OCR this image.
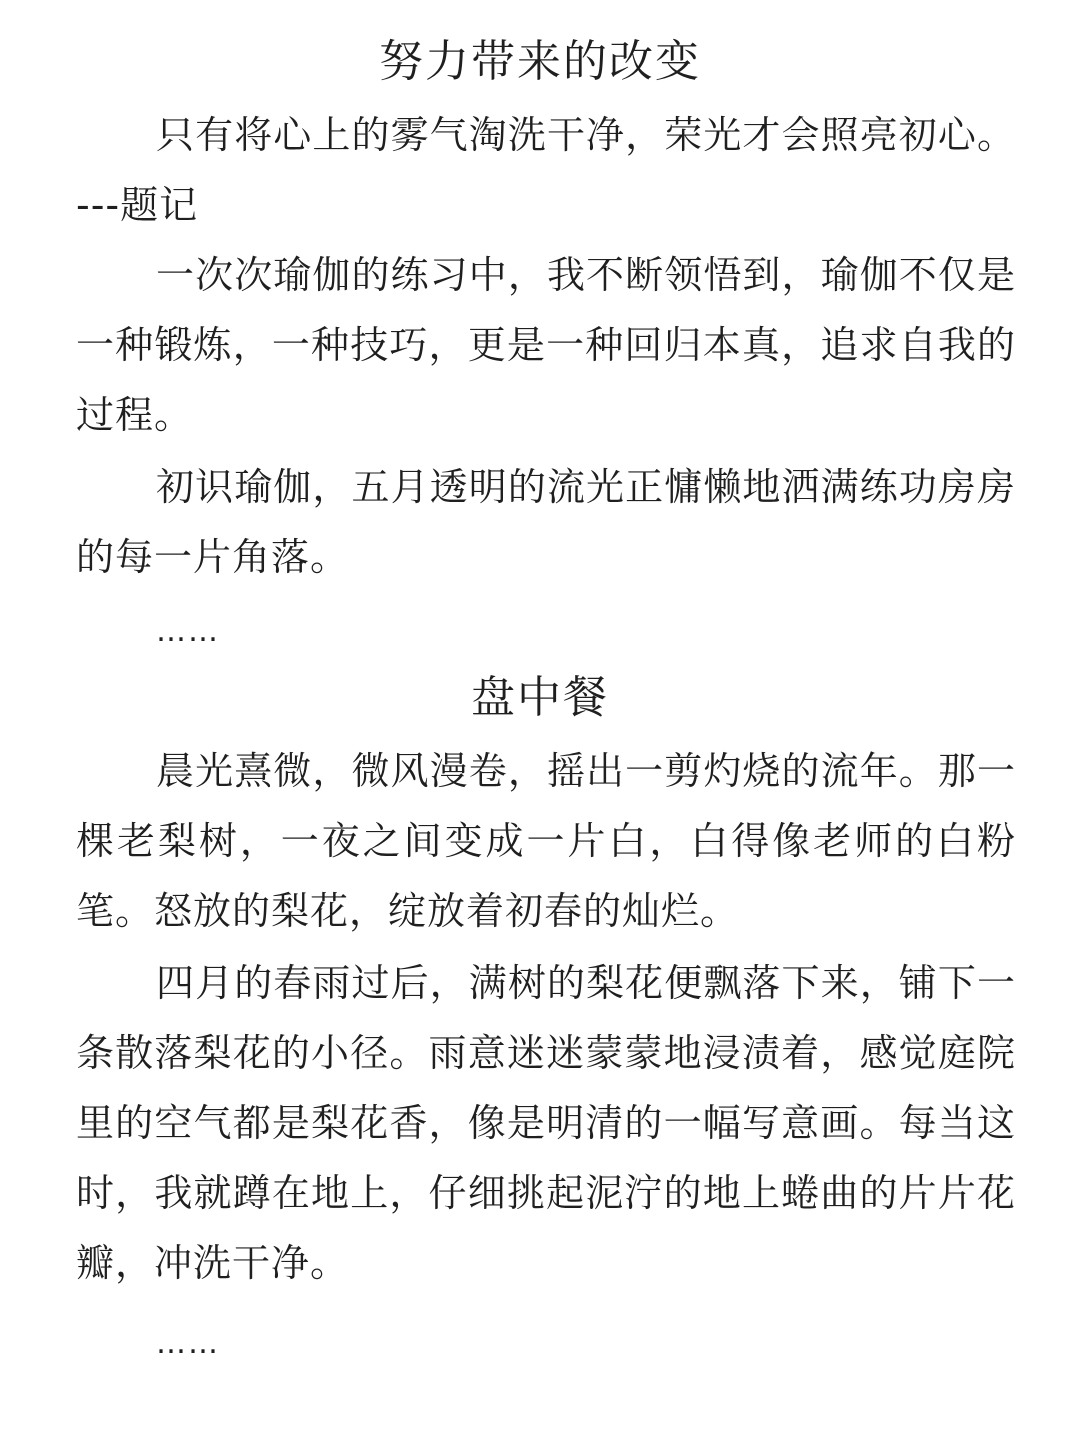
努力带来的改变

只有将心上的雾气淘洗干净，荣光才会照亮初心。---题记

一次次瑜伽的练习中，我不断领悟到，瑜伽不仅是一种锻炼，一种技巧，更是一种回归本真，追求自我的过程。

初识瑜伽，五月透明的流光正慵懒地洒满练功房房的每一片角落。

……

盘中餐

晨光熹微，微风漫卷，摇出一剪灼烧的流年。那一棵老梨树，一夜之间变成一片白，白得像老师的白粉笔。怒放的梨花，绽放着初春的灿烂。

四月的春雨过后，满树的梨花便飘落下来，铺下一条散落梨花的小径。雨意迷迷蒙蒙地浸渍着，感觉庭院里的空气都是梨花香，像是明清的一幅写意画。每当这时，我就蹲在地上，仔细挑起泥泞的地上蜷曲的片片花瓣，冲洗干净。

……
